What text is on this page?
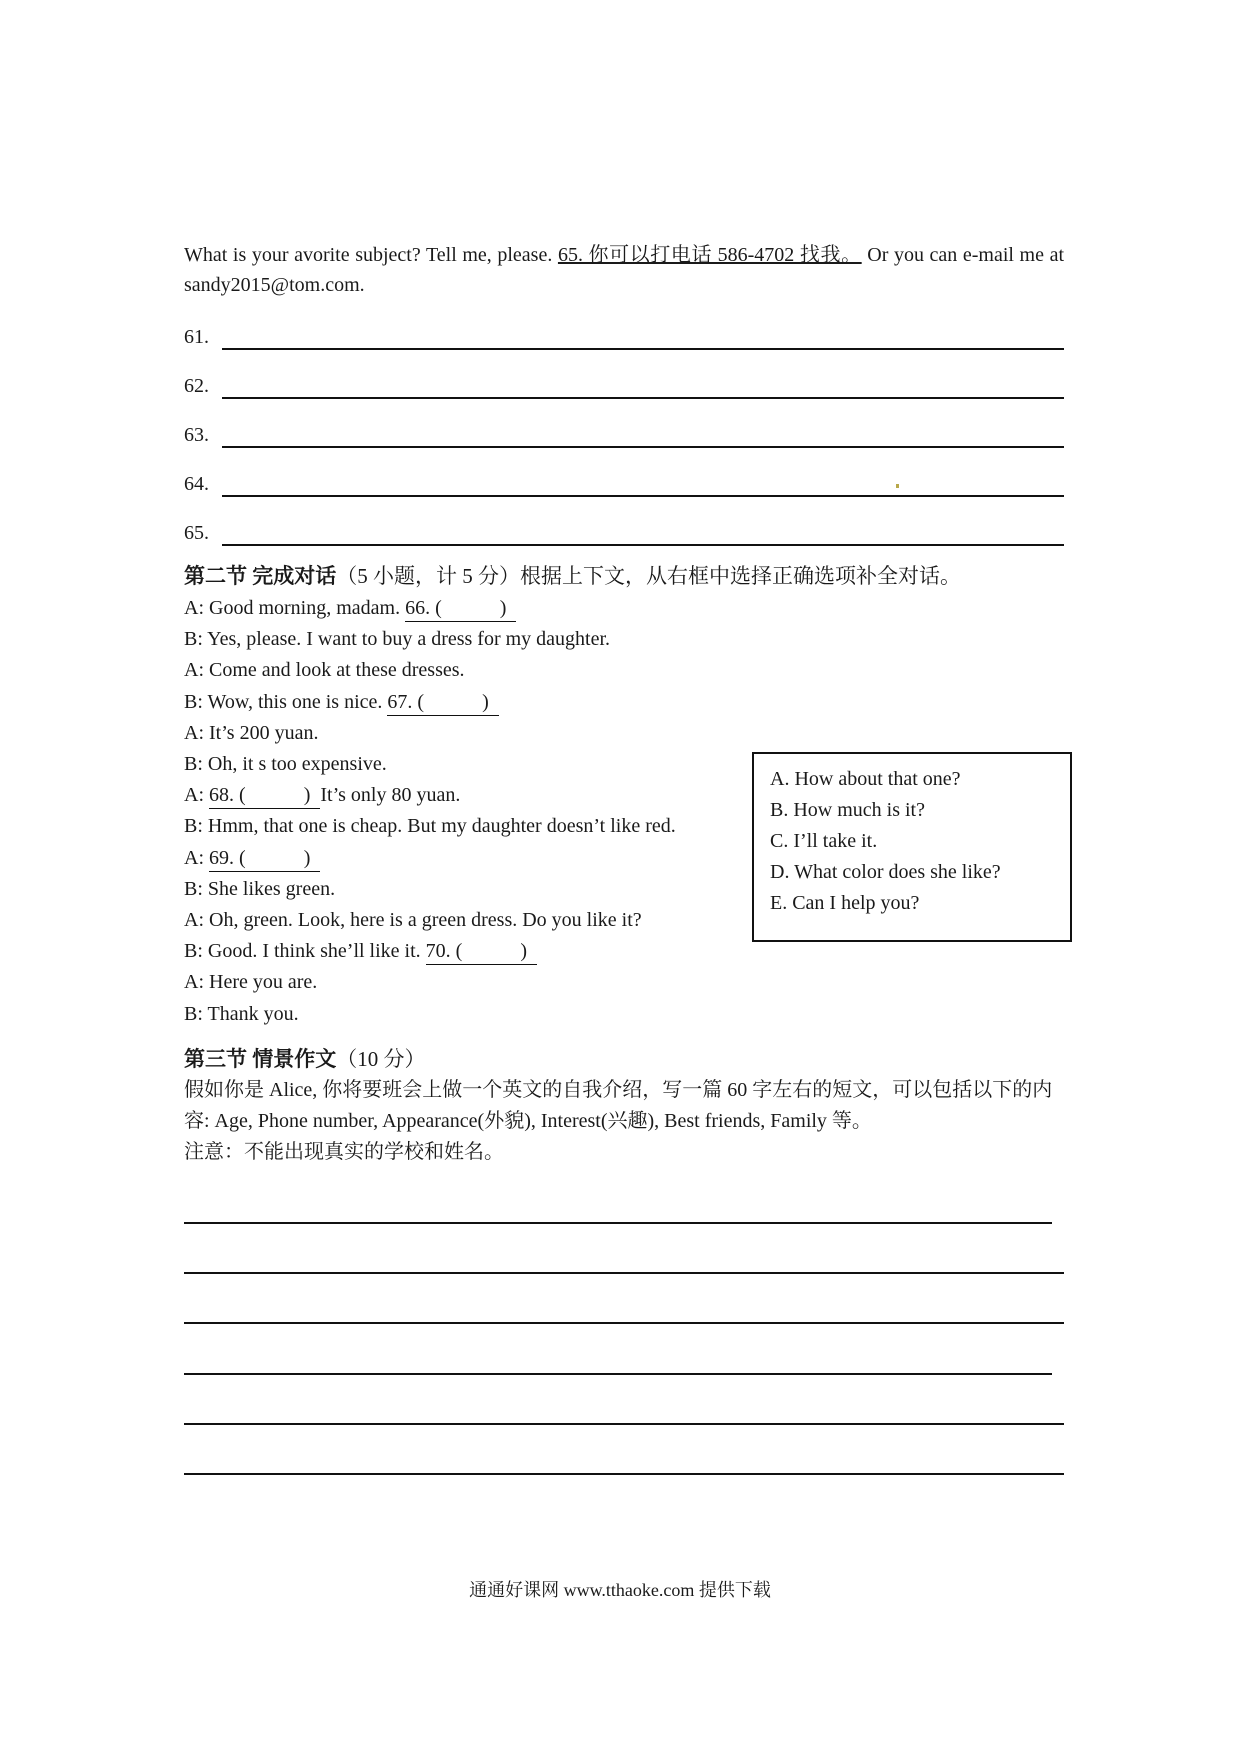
What is your avorite subject? Tell me, please. 65. 你可以打电话 586-4702 找我。 Or you can e-mail me at sandy2015@tom.com.
61.
62.
63.
64.
65.
第二节 完成对话（5 小题，计 5 分）根据上下文，从右框中选择正确选项补全对话。
A: Good morning, madam. 66. (	)
B: Yes, please. I want to buy a dress for my daughter.
A: Come and look at these dresses.
B: Wow, this one is nice. 67. (	)
A: It’s 200 yuan.
B: Oh, it s too expensive.
A: 68. (	) It’s only 80 yuan.
B: Hmm, that one is cheap. But my daughter doesn’t like red.
A: 69. (	)
B: She likes green.
A: Oh, green. Look, here is a green dress. Do you like it?
B: Good. I think she’ll like it. 70. (	)
A: Here you are.
B: Thank you.
A. How about that one?
B. How much is it?
C. I’ll take it.
D. What color does she like?
E. Can I help you?
第三节 情景作文（10 分）
假如你是 Alice, 你将要班会上做一个英文的自我介绍，写一篇 60 字左右的短文，可以包括以下的内容: Age, Phone number, Appearance(外貌), Interest(兴趣), Best friends, Family 等。
注意：不能出现真实的学校和姓名。
通通好课网 www.tthaoke.com 提供下载
